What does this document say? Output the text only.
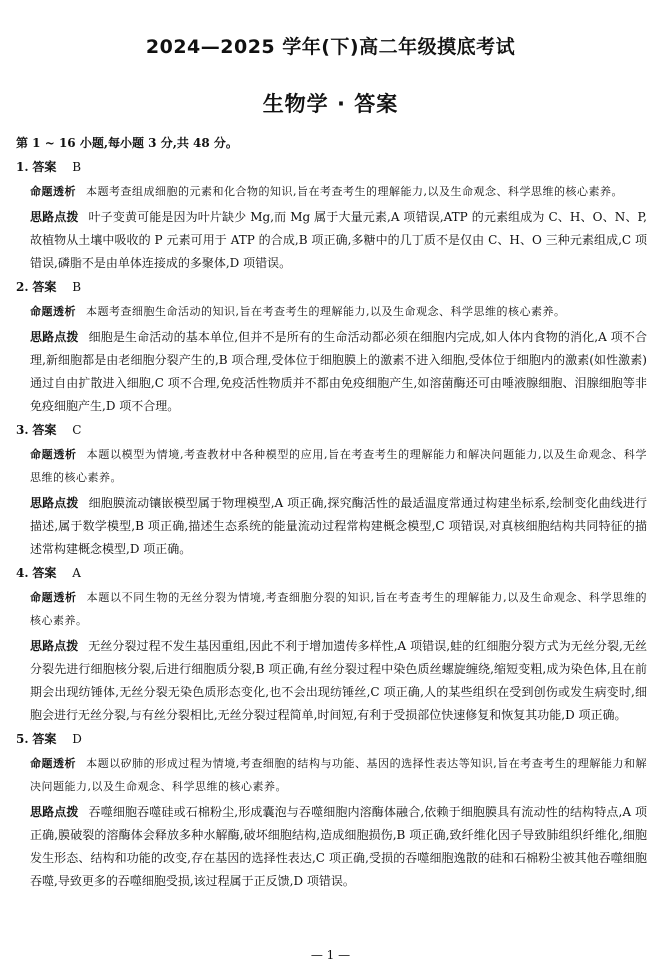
2024—2025 学年(下)高二年级摸底考试
生物学 · 答案
第 1 ~ 16 小题,每小题 3 分,共 48 分。
1. 答案 B
命题透析 本题考查组成细胞的元素和化合物的知识,旨在考查考生的理解能力,以及生命观念、科学思维的核心素养。
思路点拨 叶子变黄可能是因为叶片缺少 Mg,而 Mg 属于大量元素,A 项错误,ATP 的元素组成为 C、H、O、N、P,故植物从土壤中吸收的 P 元素可用于 ATP 的合成,B 项正确,多糖中的几丁质不是仅由 C、H、O 三种元素组成,C 项错误,磷脂不是由单体连接成的多聚体,D 项错误。
2. 答案 B
命题透析 本题考查细胞生命活动的知识,旨在考查考生的理解能力,以及生命观念、科学思维的核心素养。
思路点拨 细胞是生命活动的基本单位,但并不是所有的生命活动都必须在细胞内完成,如人体内食物的消化,A 项不合理,新细胞都是由老细胞分裂产生的,B 项合理,受体位于细胞膜上的激素不进入细胞,受体位于细胞内的激素(如性激素)通过自由扩散进入细胞,C 项不合理,免疫活性物质并不都由免疫细胞产生,如溶菌酶还可由唾液腺细胞、泪腺细胞等非免疫细胞产生,D 项不合理。
3. 答案 C
命题透析 本题以模型为情境,考查教材中各种模型的应用,旨在考查考生的理解能力和解决问题能力,以及生命观念、科学思维的核心素养。
思路点拨 细胞膜流动镶嵌模型属于物理模型,A 项正确,探究酶活性的最适温度常通过构建坐标系,绘制变化曲线进行描述,属于数学模型,B 项正确,描述生态系统的能量流动过程常构建概念模型,C 项错误,对真核细胞结构共同特征的描述常构建概念模型,D 项正确。
4. 答案 A
命题透析 本题以不同生物的无丝分裂为情境,考查细胞分裂的知识,旨在考查考生的理解能力,以及生命观念、科学思维的核心素养。
思路点拨 无丝分裂过程不发生基因重组,因此不利于增加遗传多样性,A 项错误,蛙的红细胞分裂方式为无丝分裂,无丝分裂先进行细胞核分裂,后进行细胞质分裂,B 项正确,有丝分裂过程中染色质丝螺旋缠绕,缩短变粗,成为染色体,且在前期会出现纺锤体,无丝分裂无染色质形态变化,也不会出现纺锤丝,C 项正确,人的某些组织在受到创伤或发生病变时,细胞会进行无丝分裂,与有丝分裂相比,无丝分裂过程简单,时间短,有利于受损部位快速修复和恢复其功能,D 项正确。
5. 答案 D
命题透析 本题以矽肺的形成过程为情境,考查细胞的结构与功能、基因的选择性表达等知识,旨在考查考生的理解能力和解决问题能力,以及生命观念、科学思维的核心素养。
思路点拨 吞噬细胞吞噬硅或石棉粉尘,形成囊泡与吞噬细胞内溶酶体融合,依赖于细胞膜具有流动性的结构特点,A 项正确,膜破裂的溶酶体会释放多种水解酶,破坏细胞结构,造成细胞损伤,B 项正确,致纤维化因子导致肺组织纤维化,细胞发生形态、结构和功能的改变,存在基因的选择性表达,C 项正确,受损的吞噬细胞逸散的硅和石棉粉尘被其他吞噬细胞吞噬,导致更多的吞噬细胞受损,该过程属于正反馈,D 项错误。
— 1 —
